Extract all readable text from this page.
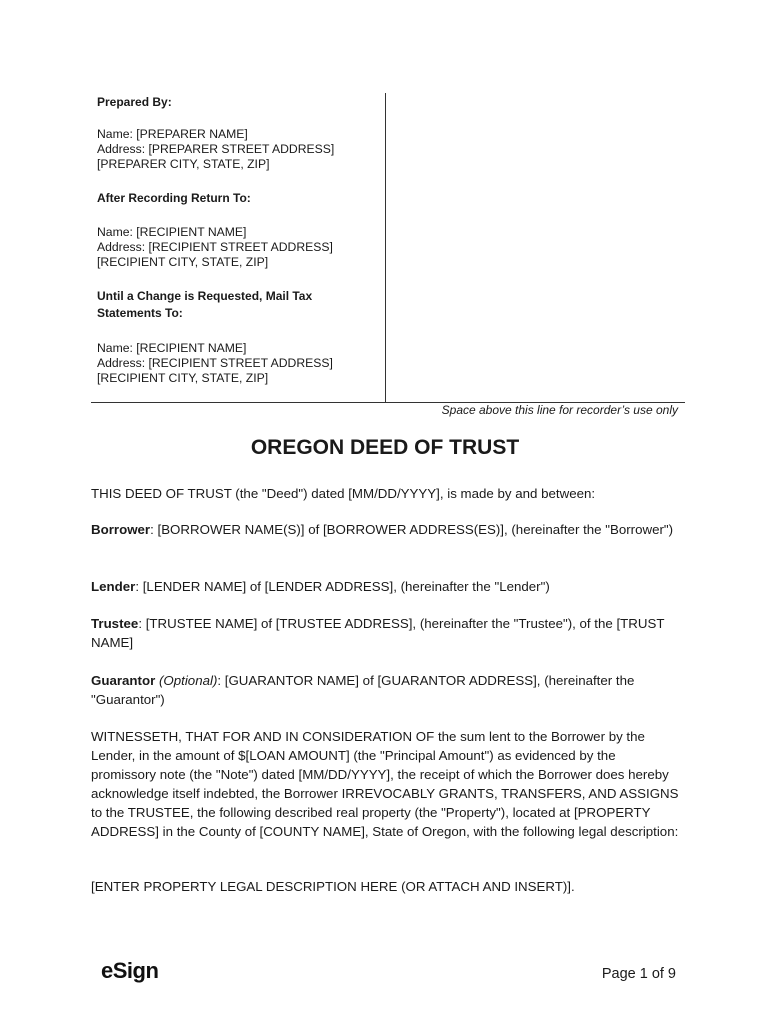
Prepared By:

Name: [PREPARER NAME]
Address: [PREPARER STREET ADDRESS]
[PREPARER CITY, STATE, ZIP]

After Recording Return To:

Name: [RECIPIENT NAME]
Address: [RECIPIENT STREET ADDRESS]
[RECIPIENT CITY, STATE, ZIP]

Until a Change is Requested, Mail Tax
Statements To:

Name: [RECIPIENT NAME]
Address: [RECIPIENT STREET ADDRESS]
[RECIPIENT CITY, STATE, ZIP]

Space above this line for recorder’s use only
OREGON DEED OF TRUST

THIS DEED OF TRUST (the "Deed") dated [MM/DD/YYYY], is made by and between:

Borrower: [BORROWER NAME(S)] of [BORROWER ADDRESS(ES)], (hereinafter the "Borrower")

Lender: [LENDER NAME] of [LENDER ADDRESS], (hereinafter the "Lender")

Trustee: [TRUSTEE NAME] of [TRUSTEE ADDRESS], (hereinafter the "Trustee"), of the [TRUST NAME]

Guarantor (Optional): [GUARANTOR NAME] of [GUARANTOR ADDRESS], (hereinafter the "Guarantor")

WITNESSETH, THAT FOR AND IN CONSIDERATION OF the sum lent to the Borrower by the Lender, in the amount of $[LOAN AMOUNT] (the "Principal Amount") as evidenced by the promissory note (the "Note") dated [MM/DD/YYYY], the receipt of which the Borrower does hereby acknowledge itself indebted, the Borrower IRREVOCABLY GRANTS, TRANSFERS, AND ASSIGNS to the TRUSTEE, the following described real property (the "Property"), located at [PROPERTY ADDRESS] in the County of [COUNTY NAME], State of Oregon, with the following legal description:

[ENTER PROPERTY LEGAL DESCRIPTION HERE (OR ATTACH AND INSERT)].

eSign	Page 1 of 9
